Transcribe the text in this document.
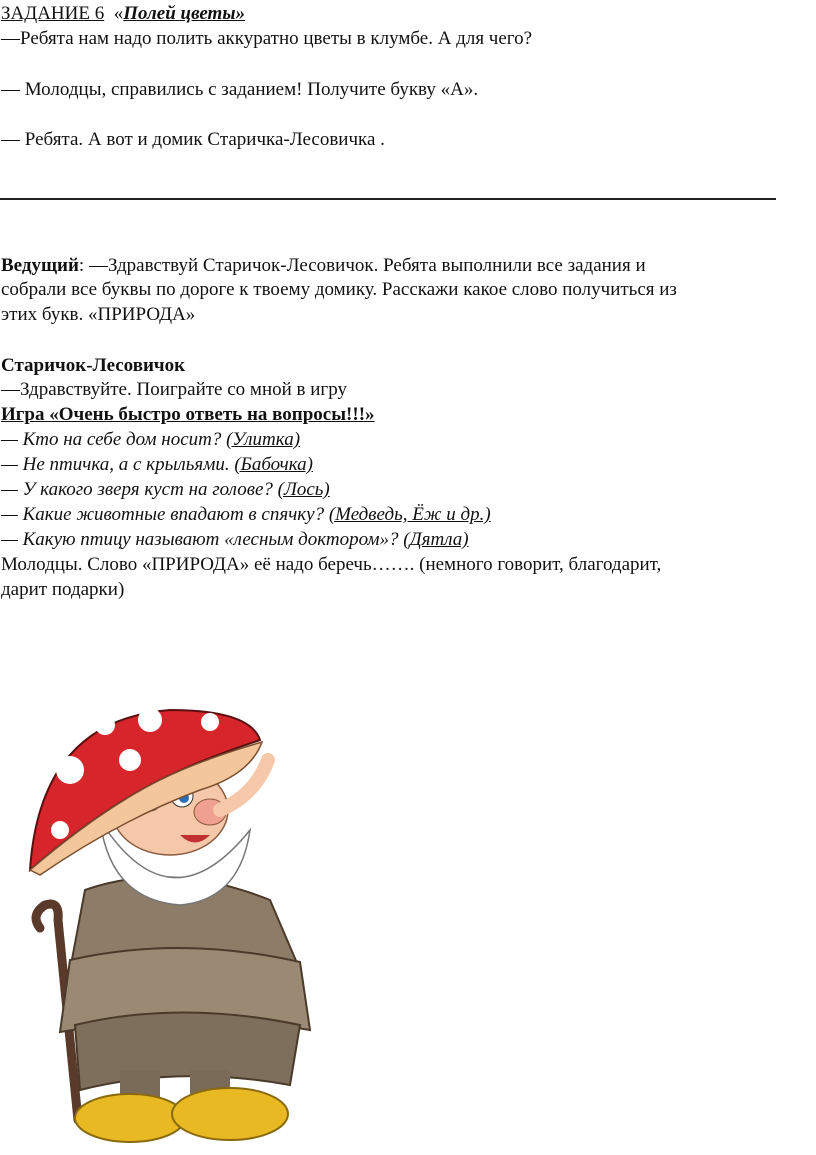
ЗАДАНИЕ 6 «Полей цветы»
—Ребята нам надо полить аккуратно цветы в клумбе. А для чего?
— Молодцы, справились с заданием! Получите букву «А».
— Ребята. А вот и домик Старичка-Лесовичка .
Ведущий: —Здравствуй Старичок-Лесовичок. Ребята выполнили все задания и
собрали все буквы по дороге к твоему домику. Расскажи какое слово получиться из
этих букв. «ПРИРОДА»
Старичок-Лесовичок
—Здравствуйте. Поиграйте со мной в игру
Игра «Очень быстро ответь на вопросы!!!»
— Кто на себе дом носит? (Улитка)
— Не птичка, а с крыльями. (Бабочка)
— У какого зверя куст на голове? (Лось)
— Какие животные впадают в спячку? (Медведь, Ёж и др.)
— Какую птицу называют «лесным доктором»? (Дятла)
Молодцы. Слово «ПРИРОДА» её надо беречь……. (немного говорит, благодарит,
дарит подарки)
